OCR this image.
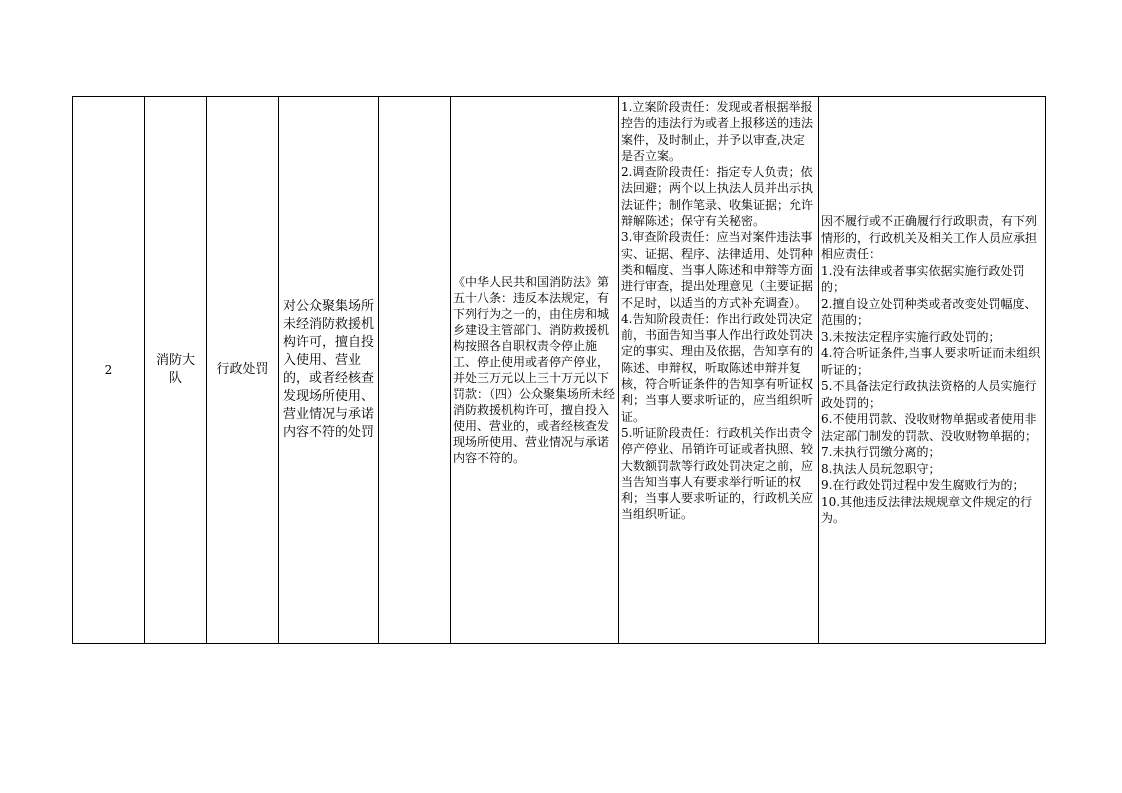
2
消防大
队
行政处罚
对公众聚集场所未经消防救援机构许可，擅自投入使用、营业的，或者经核查发现场所使用、营业情况与承诺内容不符的处罚
《中华人民共和国消防法》第五十八条：违反本法规定，有下列行为之一的，由住房和城乡建设主管部门、消防救援机构按照各自职权责令停止施工、停止使用或者停产停业，并处三万元以上三十万元以下罚款：（四）公众聚集场所未经消防救援机构许可，擅自投入使用、营业的，或者经核查发现场所使用、营业情况与承诺内容不符的。
1.立案阶段责任：发现或者根据举报控告的违法行为或者上报移送的违法案件，及时制止，并予以审查,决定是否立案。
2.调查阶段责任：指定专人负责；依法回避；两个以上执法人员并出示执法证件；制作笔录、收集证据；允许辩解陈述；保守有关秘密。
3.审查阶段责任：应当对案件违法事实、证据、程序、法律适用、处罚种类和幅度、当事人陈述和申辩等方面进行审查，提出处理意见（主要证据不足时，以适当的方式补充调查）。
4.告知阶段责任：作出行政处罚决定前，书面告知当事人作出行政处罚决定的事实、理由及依据，告知享有的陈述、申辩权，听取陈述申辩并复核，符合听证条件的告知享有听证权利；当事人要求听证的，应当组织听证。
5.听证阶段责任：行政机关作出责令停产停业、吊销许可证或者执照、较大数额罚款等行政处罚决定之前，应当告知当事人有要求举行听证的权利；当事人要求听证的，行政机关应当组织听证。
因不履行或不正确履行行政职责，有下列情形的，行政机关及相关工作人员应承担相应责任：
1.没有法律或者事实依据实施行政处罚的；
2.擅自设立处罚种类或者改变处罚幅度、范围的；
3.未按法定程序实施行政处罚的；
4.符合听证条件,当事人要求听证而未组织听证的；
5.不具备法定行政执法资格的人员实施行政处罚的；
6.不使用罚款、没收财物单据或者使用非法定部门制发的罚款、没收财物单据的；
7.未执行罚缴分离的；
8.执法人员玩忽职守；
9.在行政处罚过程中发生腐败行为的；
10.其他违反法律法规规章文件规定的行为。
